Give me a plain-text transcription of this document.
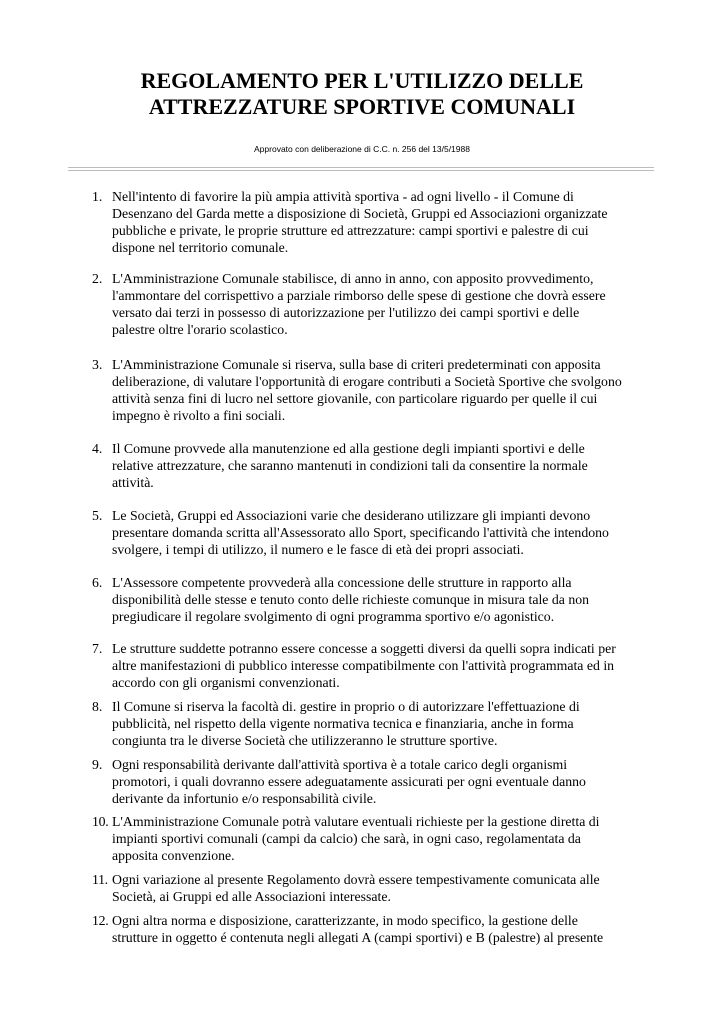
REGOLAMENTO PER L'UTILIZZO DELLE
ATTREZZATURE SPORTIVE COMUNALI
Approvato con deliberazione di C.C. n. 256 del 13/5/1988
1. Nell'intento di favorire la più ampia attività sportiva - ad ogni livello - il Comune di
Desenzano del Garda mette a disposizione di Società, Gruppi ed Associazioni organizzate
pubbliche e private, le proprie strutture ed attrezzature: campi sportivi e palestre di cui
dispone nel territorio comunale.
2. L'Amministrazione Comunale stabilisce, di anno in anno, con apposito provvedimento,
l'ammontare del corrispettivo a parziale rimborso delle spese di gestione che dovrà essere
versato dai terzi in possesso di autorizzazione per l'utilizzo dei campi sportivi e delle
palestre oltre l'orario scolastico.
3. L'Amministrazione Comunale si riserva, sulla base di criteri predeterminati con apposita
deliberazione, di valutare l'opportunità di erogare contributi a Società Sportive che svolgono
attività senza fini di lucro nel settore giovanile, con particolare riguardo per quelle il cui
impegno è rivolto a fini sociali.
4. Il Comune provvede alla manutenzione ed alla gestione degli impianti sportivi e delle
relative attrezzature, che saranno mantenuti in condizioni tali da consentire la normale
attività.
5. Le Società, Gruppi ed Associazioni varie che desiderano utilizzare gli impianti devono
presentare domanda scritta all'Assessorato allo Sport, specificando l'attività che intendono
svolgere, i tempi di utilizzo, il numero e le fasce di età dei propri associati.
6. L'Assessore competente provvederà alla concessione delle strutture in rapporto alla
disponibilità delle stesse e tenuto conto delle richieste comunque in misura tale da non
pregiudicare il regolare svolgimento di ogni programma sportivo e/o agonistico.
7. Le strutture suddette potranno essere concesse a soggetti diversi da quelli sopra indicati per
altre manifestazioni di pubblico interesse compatibilmente con l'attività programmata ed in
accordo con gli organismi convenzionati.
8. Il Comune si riserva la facoltà di. gestire in proprio o di autorizzare l'effettuazione di
pubblicità, nel rispetto della vigente normativa tecnica e finanziaria, anche in forma
congiunta tra le diverse Società che utilizzeranno le strutture sportive.
9. Ogni responsabilità derivante dall'attività sportiva è a totale carico degli organismi
promotori, i quali dovranno essere adeguatamente assicurati per ogni eventuale danno
derivante da infortunio e/o responsabilità civile.
10. L'Amministrazione Comunale potrà valutare eventuali richieste per la gestione diretta di
impianti sportivi comunali (campi da calcio) che sarà, in ogni caso, regolamentata da
apposita convenzione.
11. Ogni variazione al presente Regolamento dovrà essere tempestivamente comunicata alle
Società, ai Gruppi ed alle Associazioni interessate.
12. Ogni altra norma e disposizione, caratterizzante, in modo specifico, la gestione delle
strutture in oggetto é contenuta negli allegati A (campi sportivi) e B (palestre) al presente
